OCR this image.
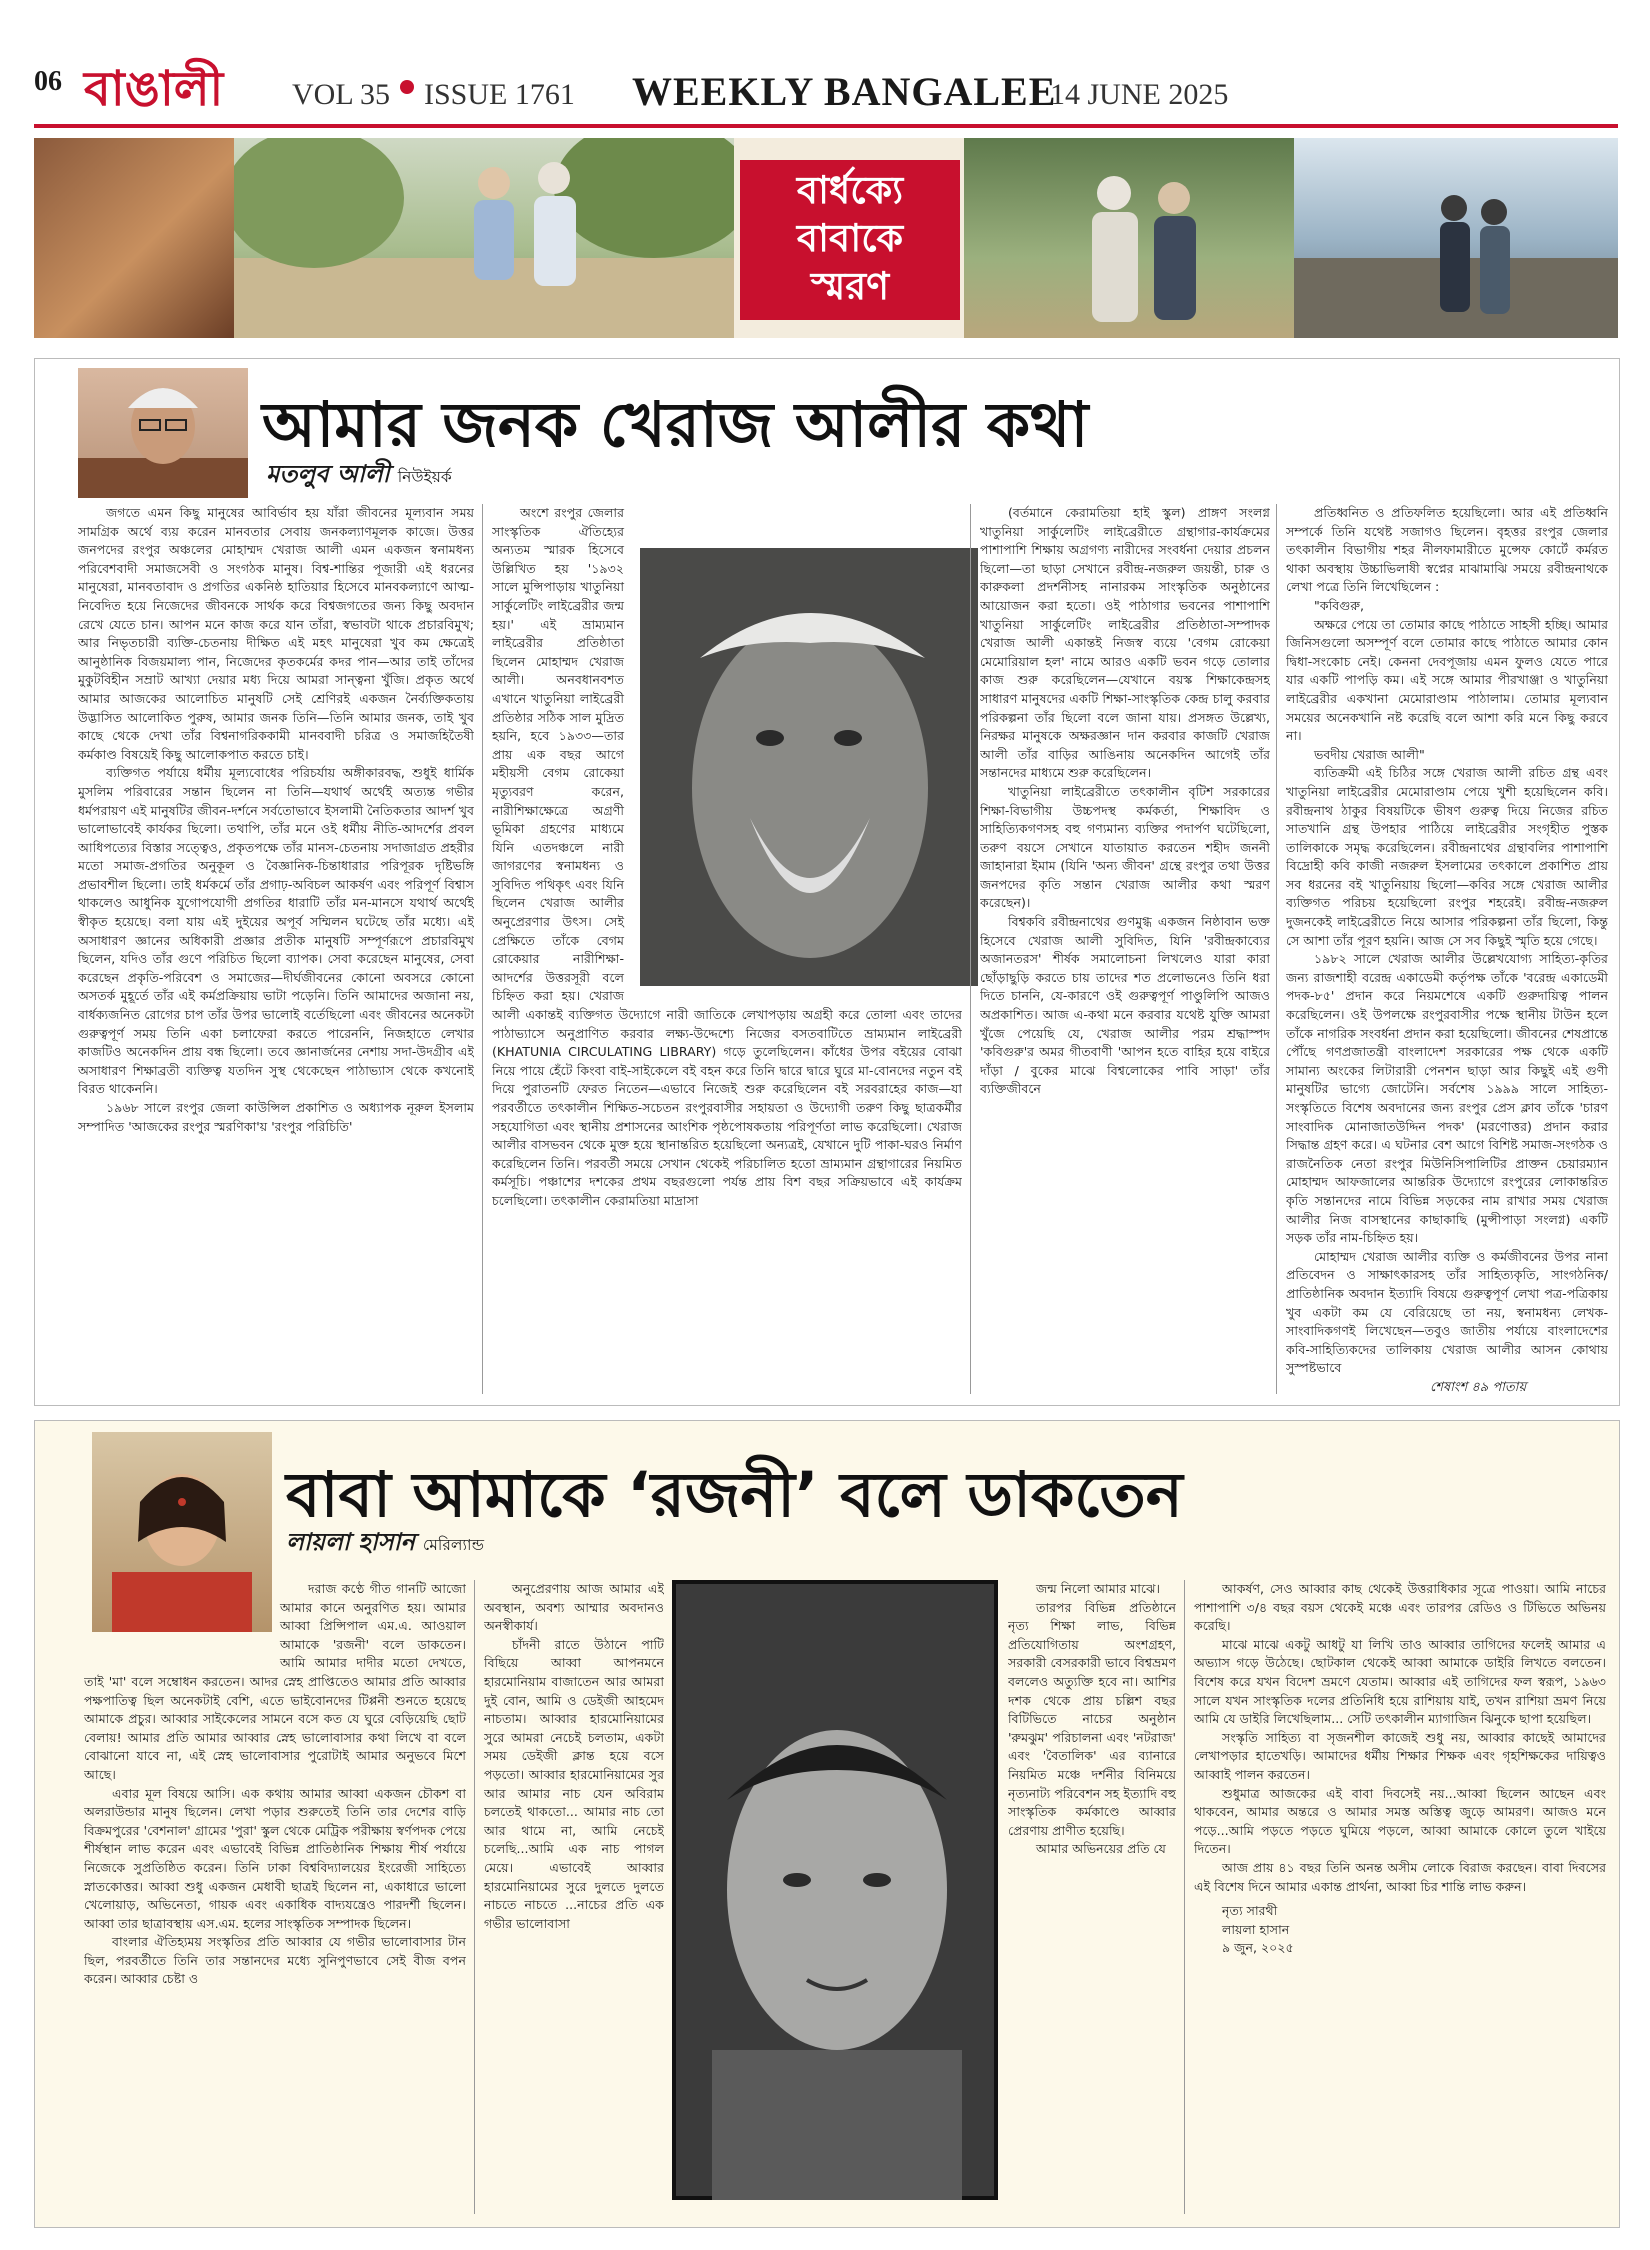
06 বাঙালী	VOL 35 ISSUE 1761 WEEKLY BANGALEE
14 JUNE 2025
বার্ধক্যে
বাবাকে
স্মরণ
আমার জনক খেরাজ আলীর কথা
মতলুব আলী নিউইয়র্ক

জগতে এমন কিছু মানুষের আবির্ভাব হয় যাঁরা জীবনের মূল্যবান সময় সামগ্রিক অর্থে ব্যয় করেন মানবতার সেবায় জনকল্যাণমূলক কাজে। উত্তর জনপদের রংপুর অঞ্চলের মোহাম্মদ খেরাজ আলী এমন একজন স্বনামধন্য পরিবেশবাদী সমাজসেবী ও সংগঠক মানুষ। বিশ্ব-শান্তির পূজারী এই ধরনের মানুষেরা, মানবতাবাদ ও প্রগতির একনিষ্ঠ হাতিয়ার হিসেবে মানবকল্যাণে আত্ম-নিবেদিত হয়ে নিজেদের জীবনকে সার্থক করে বিশ্বজগতের জন্য কিছু অবদান রেখে যেতে চান। আপন মনে কাজ করে যান তাঁরা, স্বভাবটা থাকে প্রচারবিমুখ; আর নিভৃতচারী ব্যক্তি-চেতনায় দীক্ষিত এই মহৎ মানুষেরা খুব কম ক্ষেত্রেই আনুষ্ঠানিক বিজয়মাল্য পান, নিজেদের কৃতকর্মের কদর পান—আর তাই তাঁদের মুকুটবিহীন সম্রাট আখ্যা দেয়ার মধ্য দিয়ে আমরা সান্ত্বনা খুঁজি। প্রকৃত অর্থে আমার আজকের আলোচিত মানুষটি সেই শ্রেণিরই একজন নৈর্ব্যক্তিকতায় উদ্ভাসিত আলোকিত পুরুষ, আমার জনক তিনি—তিনি আমার জনক, তাই খুব কাছে থেকে দেখা তাঁর বিশ্বনাগরিককামী মানববাদী চরিত্র ও সমাজহিতৈষী কর্মকাণ্ড বিষয়েই কিছু আলোকপাত করতে চাই।

ব্যক্তিগত পর্যায়ে ধর্মীয় মূল্যবোধের পরিচর্যায় অঙ্গীকারবদ্ধ, শুধুই ধার্মিক মুসলিম পরিবারের সন্তান ছিলেন না তিনি—যথার্থ অর্থেই অত্যন্ত গভীর ধর্মপরায়ণ এই মানুষটির জীবন-দর্শনে সর্বতোভাবে ইসলামী নৈতিকতার আদর্শ খুব ভালোভাবেই কার্যকর ছিলো। তথাপি, তাঁর মনে ওই ধর্মীয় নীতি-আদর্শের প্রবল আধিপত্যের বিস্তার সত্ত্বেও, প্রকৃতপক্ষে তাঁর মানস-চেতনায় সদাজাগ্রত প্রহরীর মতো সমাজ-প্রগতির অনুকূল ও বৈজ্ঞানিক-চিন্তাধারার পরিপূরক দৃষ্টিভঙ্গি প্রভাবশীল ছিলো। তাই ধর্মকর্মে তাঁর প্রগাঢ়-অবিচল আকর্ষণ এবং পরিপূর্ণ বিশ্বাস থাকলেও আধুনিক যুগোপযোগী প্রগতির ধারাটি তাঁর মন-মানসে যথার্থ অর্থেই স্বীকৃত হয়েছে। বলা যায় এই দুইয়ের অপূর্ব সম্মিলন ঘটেছে তাঁর মধ্যে। এই অসাধারণ জ্ঞানের অধিকারী প্রজ্ঞার প্রতীক মানুষটি সম্পূর্ণরূপে প্রচারবিমুখ ছিলেন, যদিও তাঁর গুণে পরিচিত ছিলো ব্যাপক। সেবা করেছেন মানুষের, সেবা করেছেন প্রকৃতি-পরিবেশ ও সমাজের—দীর্ঘজীবনের কোনো অবসরে কোনো অসতর্ক মুহূর্তে তাঁর এই কর্মপ্রক্রিয়ায় ভাটা পড়েনি। তিনি আমাদের অজানা নয়, বার্ধক্যজনিত রোগের চাপ তাঁর উপর ভালোই বর্তেছিলো এবং জীবনের অনেকটা গুরুত্বপূর্ণ সময় তিনি একা চলাফেরা করতে পারেননি, নিজহাতে লেখার কাজটিও অনেকদিন প্রায় বন্ধ ছিলো। তবে জ্ঞানার্জনের নেশায় সদা-উদগ্রীব এই অসাধারণ শিক্ষাব্রতী ব্যক্তিত্ব যতদিন সুস্থ থেকেছেন পাঠাভ্যাস থেকে কখনোই বিরত থাকেননি।

১৯৬৮ সালে রংপুর জেলা কাউন্সিল প্রকাশিত ও অধ্যাপক নূরুল ইসলাম সম্পাদিত 'আজকের রংপুর স্মরণিকা'য় 'রংপুর পরিচিতি'

অংশে রংপুর জেলার সাংস্কৃতিক ঐতিহ্যের অন্যতম স্মারক হিসেবে উল্লিখিত হয় '১৯৩২ সালে মুন্সিপাড়ায় খাতুনিয়া সার্কুলেটিং লাইব্রেরীর জন্ম হয়।' এই ভ্রাম্যমান লাইব্রেরীর প্রতিষ্ঠাতা ছিলেন মোহাম্মদ খেরাজ আলী। অনবধানবশত এখানে খাতুনিয়া লাইব্রেরী প্রতিষ্ঠার সঠিক সাল মুদ্রিত হয়নি, হবে ১৯৩৩—তার প্রায় এক বছর আগে মহীয়সী বেগম রোকেয়া মৃত্যুবরণ করেন, নারীশিক্ষাক্ষেত্রে অগ্রণী ভূমিকা গ্রহণের মাধ্যমে যিনি এতদঞ্চলে নারী জাগরণের স্বনামধন্য ও সুবিদিত পথিকৃৎ এবং যিনি ছিলেন খেরাজ আলীর অনুপ্রেরণার উৎস। সেই প্রেক্ষিতে তাঁকে বেগম রোকেয়ার নারীশিক্ষা-আদর্শের উত্তরসূরী বলে চিহ্নিত করা হয়। খেরাজ আলী একান্তই ব্যক্তিগত উদ্যোগে নারী জাতিকে লেখাপড়ায় অগ্রহী করে তোলা এবং তাদের পাঠাভ্যাসে অনুপ্রাণিত করবার লক্ষ্য-উদ্দেশ্যে নিজের বসতবাটিতে ভ্রাম্যমান লাইব্রেরী (KHATUNIA CIRCULATING LIBRARY) গড়ে তুলেছিলেন। কাঁধের উপর বইয়ের বোঝা নিয়ে পায়ে হেঁটে কিংবা বাই-সাইকেলে বই বহন করে তিনি দ্বারে দ্বারে ঘুরে মা-বোনদের নতুন বই দিয়ে পুরাতনটি ফেরত নিতেন—এভাবে নিজেই শুরু করেছিলেন বই সরবরাহের কাজ—যা পরবর্তীতে তৎকালীন শিক্ষিত-সচেতন রংপুরবাসীর সহায়তা ও উদ্যোগী তরুণ কিছু ছাত্রকর্মীর সহযোগিতা এবং স্থানীয় প্রশাসনের আংশিক পৃষ্ঠপোষকতায় পরিপূর্ণতা লাভ করেছিলো। খেরাজ আলীর বাসভবন থেকে মুক্ত হয়ে স্থানান্তরিত হয়েছিলো অন্যত্রই, যেখানে দুটি পাকা-ঘরও নির্মাণ করেছিলেন তিনি। পরবর্তী সময়ে সেখান থেকেই পরিচালিত হতো ভ্রাম্যমান গ্রন্থাগারের নিয়মিত কর্মসূচি। পঞ্চাশের দশকের প্রথম বছরগুলো পর্যন্ত প্রায় বিশ বছর সক্রিয়ভাবে এই কার্যক্রম চলেছিলো। তৎকালীন কেরামতিয়া মাদ্রাসা

(বর্তমানে কেরামতিয়া হাই স্কুল) প্রাঙ্গণ সংলগ্ন খাতুনিয়া সার্কুলেটিং লাইব্রেরীতে গ্রন্থাগার-কার্যক্রমের পাশাপাশি শিক্ষায় অগ্রগণ্য নারীদের সংবর্ধনা দেয়ার প্রচলন ছিলো—তা ছাড়া সেখানে রবীন্দ্র-নজরুল জয়ন্তী, চারু ও কারুকলা প্রদর্শনীসহ নানারকম সাংস্কৃতিক অনুষ্ঠানের আয়োজন করা হতো। ওই পাঠাগার ভবনের পাশাপাশি খাতুনিয়া সার্কুলেটিং লাইব্রেরীর প্রতিষ্ঠাতা-সম্পাদক খেরাজ আলী একান্তই নিজস্ব ব্যয়ে 'বেগম রোকেয়া মেমোরিয়াল হল' নামে আরও একটি ভবন গড়ে তোলার কাজ শুরু করেছিলেন—যেখানে বয়স্ক শিক্ষাকেন্দ্রসহ সাধারণ মানুষদের একটি শিক্ষা-সাংস্কৃতিক কেন্দ্র চালু করবার পরিকল্পনা তাঁর ছিলো বলে জানা যায়। প্রসঙ্গত উল্লেখ্য, নিরক্ষর মানুষকে অক্ষরজ্ঞান দান করবার কাজটি খেরাজ আলী তাঁর বাড়ির আঙিনায় অনেকদিন আগেই তাঁর সন্তানদের মাধ্যমে শুরু করেছিলেন।

খাতুনিয়া লাইব্রেরীতে তৎকালীন বৃটিশ সরকারের শিক্ষা-বিভাগীয় উচ্চপদস্থ কর্মকর্তা, শিক্ষাবিদ ও সাহিত্যিকগণসহ বহু গণ্যমান্য ব্যক্তির পদার্পণ ঘটেছিলো, তরুণ বয়সে সেখানে যাতায়াত করতেন শহীদ জননী জাহানারা ইমাম (যিনি 'অন্য জীবন' গ্রন্থে রংপুর তথা উত্তর জনপদের কৃতি সন্তান খেরাজ আলীর কথা স্মরণ করেছেন)।

বিশ্বকবি রবীন্দ্রনাথের গুণমুগ্ধ একজন নিষ্ঠাবান ভক্ত হিসেবে খেরাজ আলী সুবিদিত, যিনি 'রবীন্দ্রকাব্যের অজানতরস' শীর্ষক সমালোচনা লিখলেও যারা কারা ছোঁড়াছুড়ি করতে চায় তাদের শত প্রলোভনেও তিনি ধরা দিতে চাননি, যে-কারণে ওই গুরুত্বপূর্ণ পাণ্ডুলিপি আজও অপ্রকাশিত। আজ এ-কথা মনে করবার যথেষ্ট যুক্তি আমরা খুঁজে পেয়েছি যে, খেরাজ আলীর পরম শ্রদ্ধাস্পদ 'কবিগুরু'র অমর গীতবাণী 'আপন হতে বাহির হয়ে বাইরে দাঁড়া / বুকের মাঝে বিশ্বলোকের পাবি সাড়া' তাঁর ব্যক্তিজীবনে

প্রতিধ্বনিত ও প্রতিফলিত হয়েছিলো। আর এই প্রতিধ্বনি সম্পর্কে তিনি যথেষ্ট সজাগও ছিলেন। বৃহত্তর রংপুর জেলার তৎকালীন বিভাগীয় শহর নীলফামারীতে মুন্সেফ কোর্টে কর্মরত থাকা অবস্থায় উচ্চাভিলাষী স্বপ্নের মাঝামাঝি সময়ে রবীন্দ্রনাথকে লেখা পত্রে তিনি লিখেছিলেন :

"কবিগুরু,

অক্ষরে পেয়ে তা তোমার কাছে পাঠাতে সাহসী হচ্ছি। আমার জিনিসগুলো অসম্পূর্ণ বলে তোমার কাছে পাঠাতে আমার কোন দ্বিধা-সংকোচ নেই। কেননা দেবপূজায় এমন ফুলও যেতে পারে যার একটি পাপড়ি কম। এই সঙ্গে আমার পীরখাঞ্জা ও খাতুনিয়া লাইব্রেরীর একখানা মেমোরাণ্ডাম পাঠালাম। তোমার মূল্যবান সময়ের অনেকখানি নষ্ট করেছি বলে আশা করি মনে কিছু করবে না।

ভবদীয় খেরাজ আলী"

ব্যতিক্রমী এই চিঠির সঙ্গে খেরাজ আলী রচিত গ্রন্থ এবং খাতুনিয়া লাইব্রেরীর মেমোরাণ্ডাম পেয়ে খুশী হয়েছিলেন কবি। রবীন্দ্রনাথ ঠাকুর বিষয়টিকে ভীষণ গুরুত্ব দিয়ে নিজের রচিত সাতখানি গ্রন্থ উপহার পাঠিয়ে লাইব্রেরীর সংগৃহীত পুস্তক তালিকাকে সমৃদ্ধ করেছিলেন। রবীন্দ্রনাথের গ্রন্থাবলির পাশাপাশি বিদ্রোহী কবি কাজী নজরুল ইসলামের তৎকালে প্রকাশিত প্রায় সব ধরনের বই খাতুনিয়ায় ছিলো—কবির সঙ্গে খেরাজ আলীর ব্যক্তিগত পরিচয় হয়েছিলো রংপুর শহরেই। রবীন্দ্র-নজরুল দুজনকেই লাইব্রেরীতে নিয়ে আসার পরিকল্পনা তাঁর ছিলো, কিন্তু সে আশা তাঁর পূরণ হয়নি। আজ সে সব কিছুই স্মৃতি হয়ে গেছে।

১৯৮২ সালে খেরাজ আলীর উল্লেখযোগ্য সাহিত্য-কৃতির জন্য রাজশাহী বরেন্দ্র একাডেমী কর্তৃপক্ষ তাঁকে 'বরেন্দ্র একাডেমী পদক-৮৫' প্রদান করে নিয়মশেষে একটি গুরুদায়িত্ব পালন করেছিলেন। ওই উপলক্ষে রংপুরবাসীর পক্ষে স্থানীয় টাউন হলে তাঁকে নাগরিক সংবর্ধনা প্রদান করা হয়েছিলো। জীবনের শেষপ্রান্তে পৌঁছে গণপ্রজাতন্ত্রী বাংলাদেশ সরকারের পক্ষ থেকে একটি সামান্য অংকের লিটারারী পেনশন ছাড়া আর কিছুই এই গুণী মানুষটির ভাগ্যে জোটেনি। সর্বশেষ ১৯৯৯ সালে সাহিত্য-সংস্কৃতিতে বিশেষ অবদানের জন্য রংপুর প্রেস ক্লাব তাঁকে 'চারণ সাংবাদিক মোনাজাতউদ্দিন পদক' (মরণোত্তর) প্রদান করার সিদ্ধান্ত গ্রহণ করে। এ ঘটনার বেশ আগে বিশিষ্ট সমাজ-সংগঠক ও রাজনৈতিক নেতা রংপুর মিউনিসিপালিটির প্রাক্তন চেয়ারম্যান মোহাম্মদ আফজালের আন্তরিক উদ্যোগে রংপুরের লোকান্তরিত কৃতি সন্তানদের নামে বিভিন্ন সড়কের নাম রাখার সময় খেরাজ আলীর নিজ বাসস্থানের কাছাকাছি (মুন্সীপাড়া সংলগ্ন) একটি সড়ক তাঁর নাম-চিহ্নিত হয়।

মোহাম্মদ খেরাজ আলীর ব্যক্তি ও কর্মজীবনের উপর নানা প্রতিবেদন ও সাক্ষাৎকারসহ তাঁর সাহিত্যকৃতি, সাংগঠনিক/প্রাতিষ্ঠানিক অবদান ইত্যাদি বিষয়ে গুরুত্বপূর্ণ লেখা পত্র-পত্রিকায় খুব একটা কম যে বেরিয়েছে তা নয়, স্বনামধন্য লেখক-সাংবাদিকগণই লিখেছেন—তবুও জাতীয় পর্যায়ে বাংলাদেশের কবি-সাহিত্যিকদের তালিকায় খেরাজ আলীর আসন কোথায় সুস্পষ্টভাবে

শেষাংশ ৪৯ পাতায়
বাবা আমাকে ‘রজনী’ বলে ডাকতেন
লায়লা হাসান মেরিল্যান্ড

দরাজ কণ্ঠে গীত গানটি আজো আমার কানে অনুরণিত হয়। আমার আব্বা প্রিন্সিপাল এম.এ. আওয়াল আমাকে 'রজনী' বলে ডাকতেন। আমি আমার দাদীর মতো দেখতে, তাই 'মা' বলে সম্বোধন করতেন। আদর স্নেহ প্রাপ্তিতেও আমার প্রতি আব্বার পক্ষপাতিত্ব ছিল অনেকটাই বেশি, এতে ভাইবোনদের টিপ্পনী শুনতে হয়েছে আমাকে প্রচুর। আব্বার সাইকেলের সামনে বসে কত যে ঘুরে বেড়িয়েছি ছোট বেলায়! আমার প্রতি আমার আব্বার স্নেহ ভালোবাসার কথা লিখে বা বলে বোঝানো যাবে না, এই স্নেহ ভালোবাসার পুরোটাই আমার অনুভবে মিশে আছে।

এবার মূল বিষয়ে আসি। এক কথায় আমার আব্বা একজন চৌকশ বা অলরাউন্ডার মানুষ ছিলেন। লেখা পড়ার শুরুতেই তিনি তার দেশের বাড়ি বিক্রমপুরের 'বেশনাল' গ্রামের 'পুরা' স্কুল থেকে মেট্রিক পরীক্ষায় স্বর্ণপদক পেয়ে শীর্ষস্থান লাভ করেন এবং এভাবেই বিভিন্ন প্রাতিষ্ঠানিক শিক্ষায় শীর্ষ পর্যায়ে নিজেকে সুপ্রতিষ্ঠিত করেন। তিনি ঢাকা বিশ্ববিদ্যালয়ের ইংরেজী সাহিত্যে স্নাতকোত্তর। আব্বা শুধু একজন মেধাবী ছাত্রই ছিলেন না, একাধারে ভালো খেলোয়াড়, অভিনেতা, গায়ক এবং একাধিক বাদ্যযন্ত্রেও পারদর্শী ছিলেন। আব্বা তার ছাত্রাবস্থায় এস.এম. হলের সাংস্কৃতিক সম্পাদক ছিলেন।

বাংলার ঐতিহ্যময় সংস্কৃতির প্রতি আব্বার যে গভীর ভালোবাসার টান ছিল, পরবর্তীতে তিনি তার সন্তানদের মধ্যে সুনিপুণভাবে সেই বীজ বপন করেন। আব্বার চেষ্টা ও

অনুপ্রেরণায় আজ আমার এই অবস্থান, অবশ্য আম্মার অবদানও অনস্বীকার্য।

চাঁদনী রাতে উঠানে পাটি বিছিয়ে আব্বা আপনমনে হারমোনিয়াম বাজাতেন আর আমরা দুই বোন, আমি ও ডেইজী আহমেদ নাচতাম। আব্বার হারমোনিয়ামের সুরে আমরা নেচেই চলতাম, একটা সময় ডেইজী ক্লান্ত হয়ে বসে পড়তো। আব্বার হারমোনিয়ামের সুর আর আমার নাচ যেন অবিরাম চলতেই থাকতো... আমার নাচ তো আর থামে না, আমি নেচেই চলেছি...আমি এক নাচ পাগল মেয়ে। এভাবেই আব্বার হারমোনিয়ামের সুরে দুলতে দুলতে নাচতে নাচতে ...নাচের প্রতি এক গভীর ভালোবাসা

জন্ম নিলো আমার মাঝে।

তারপর বিভিন্ন প্রতিষ্ঠানে নৃত্য শিক্ষা লাভ, বিভিন্ন প্রতিযোগিতায় অংশগ্রহণ, সরকারী বেসরকারী ভাবে বিশ্বভ্রমণ বললেও অত্যুক্তি হবে না। আশির দশক থেকে প্রায় চল্লিশ বছর বিটিভিতে নাচের অনুষ্ঠান 'রুমঝুম' পরিচালনা এবং 'নটরাজ' এবং 'বৈতালিক' এর ব্যানারে নিয়মিত মঞ্চে দর্শনীর বিনিময়ে নৃত্যনাট্য পরিবেশন সহ ইত্যাদি বহু সাংস্কৃতিক কর্মকাণ্ডে আব্বার প্রেরণায় প্রাণীত হয়েছি।

আমার অভিনয়ের প্রতি যে

আকর্ষণ, সেও আব্বার কাছ থেকেই উত্তরাধিকার সূত্রে পাওয়া। আমি নাচের পাশাপাশি ৩/৪ বছর বয়স থেকেই মঞ্চে এবং তারপর রেডিও ও টিভিতে অভিনয় করেছি।

মাঝে মাঝে একটু আধটু যা লিখি তাও আব্বার তাগিদের ফলেই আমার এ অভ্যাস গড়ে উঠেছে। ছোটকাল থেকেই আব্বা আমাকে ডাইরি লিখতে বলতেন। বিশেষ করে যখন বিদেশ ভ্রমণে যেতাম। আব্বার এই তাগিদের ফল স্বরূপ, ১৯৬৩ সালে যখন সাংস্কৃতিক দলের প্রতিনিধি হয়ে রাশিয়ায় যাই, তখন রাশিয়া ভ্রমণ নিয়ে আমি যে ডাইরি লিখেছিলাম... সেটি তৎকালীন ম্যাগাজিন ঝিনুকে ছাপা হয়েছিল।

সংস্কৃতি সাহিত্য বা সৃজনশীল কাজেই শুধু নয়, আব্বার কাছেই আমাদের লেখাপড়ার হাতেখড়ি। আমাদের ধর্মীয় শিক্ষার শিক্ষক এবং গৃহশিক্ষকের দায়িত্বও আব্বাই পালন করতেন।

শুধুমাত্র আজকের এই বাবা দিবসেই নয়...আব্বা ছিলেন আছেন এবং থাকবেন, আমার অন্তরে ও আমার সমস্ত অস্তিত্ব জুড়ে আমরণ। আজও মনে পড়ে...আমি পড়তে পড়তে ঘুমিয়ে পড়লে, আব্বা আমাকে কোলে তুলে খাইয়ে দিতেন।

আজ প্রায় ৪১ বছর তিনি অনন্ত অসীম লোকে বিরাজ করছেন। বাবা দিবসের এই বিশেষ দিনে আমার একান্ত প্রার্থনা, আব্বা চির শান্তি লাভ করুন।

নৃত্য সারথী
লায়লা হাসান
৯ জুন, ২০২৫
